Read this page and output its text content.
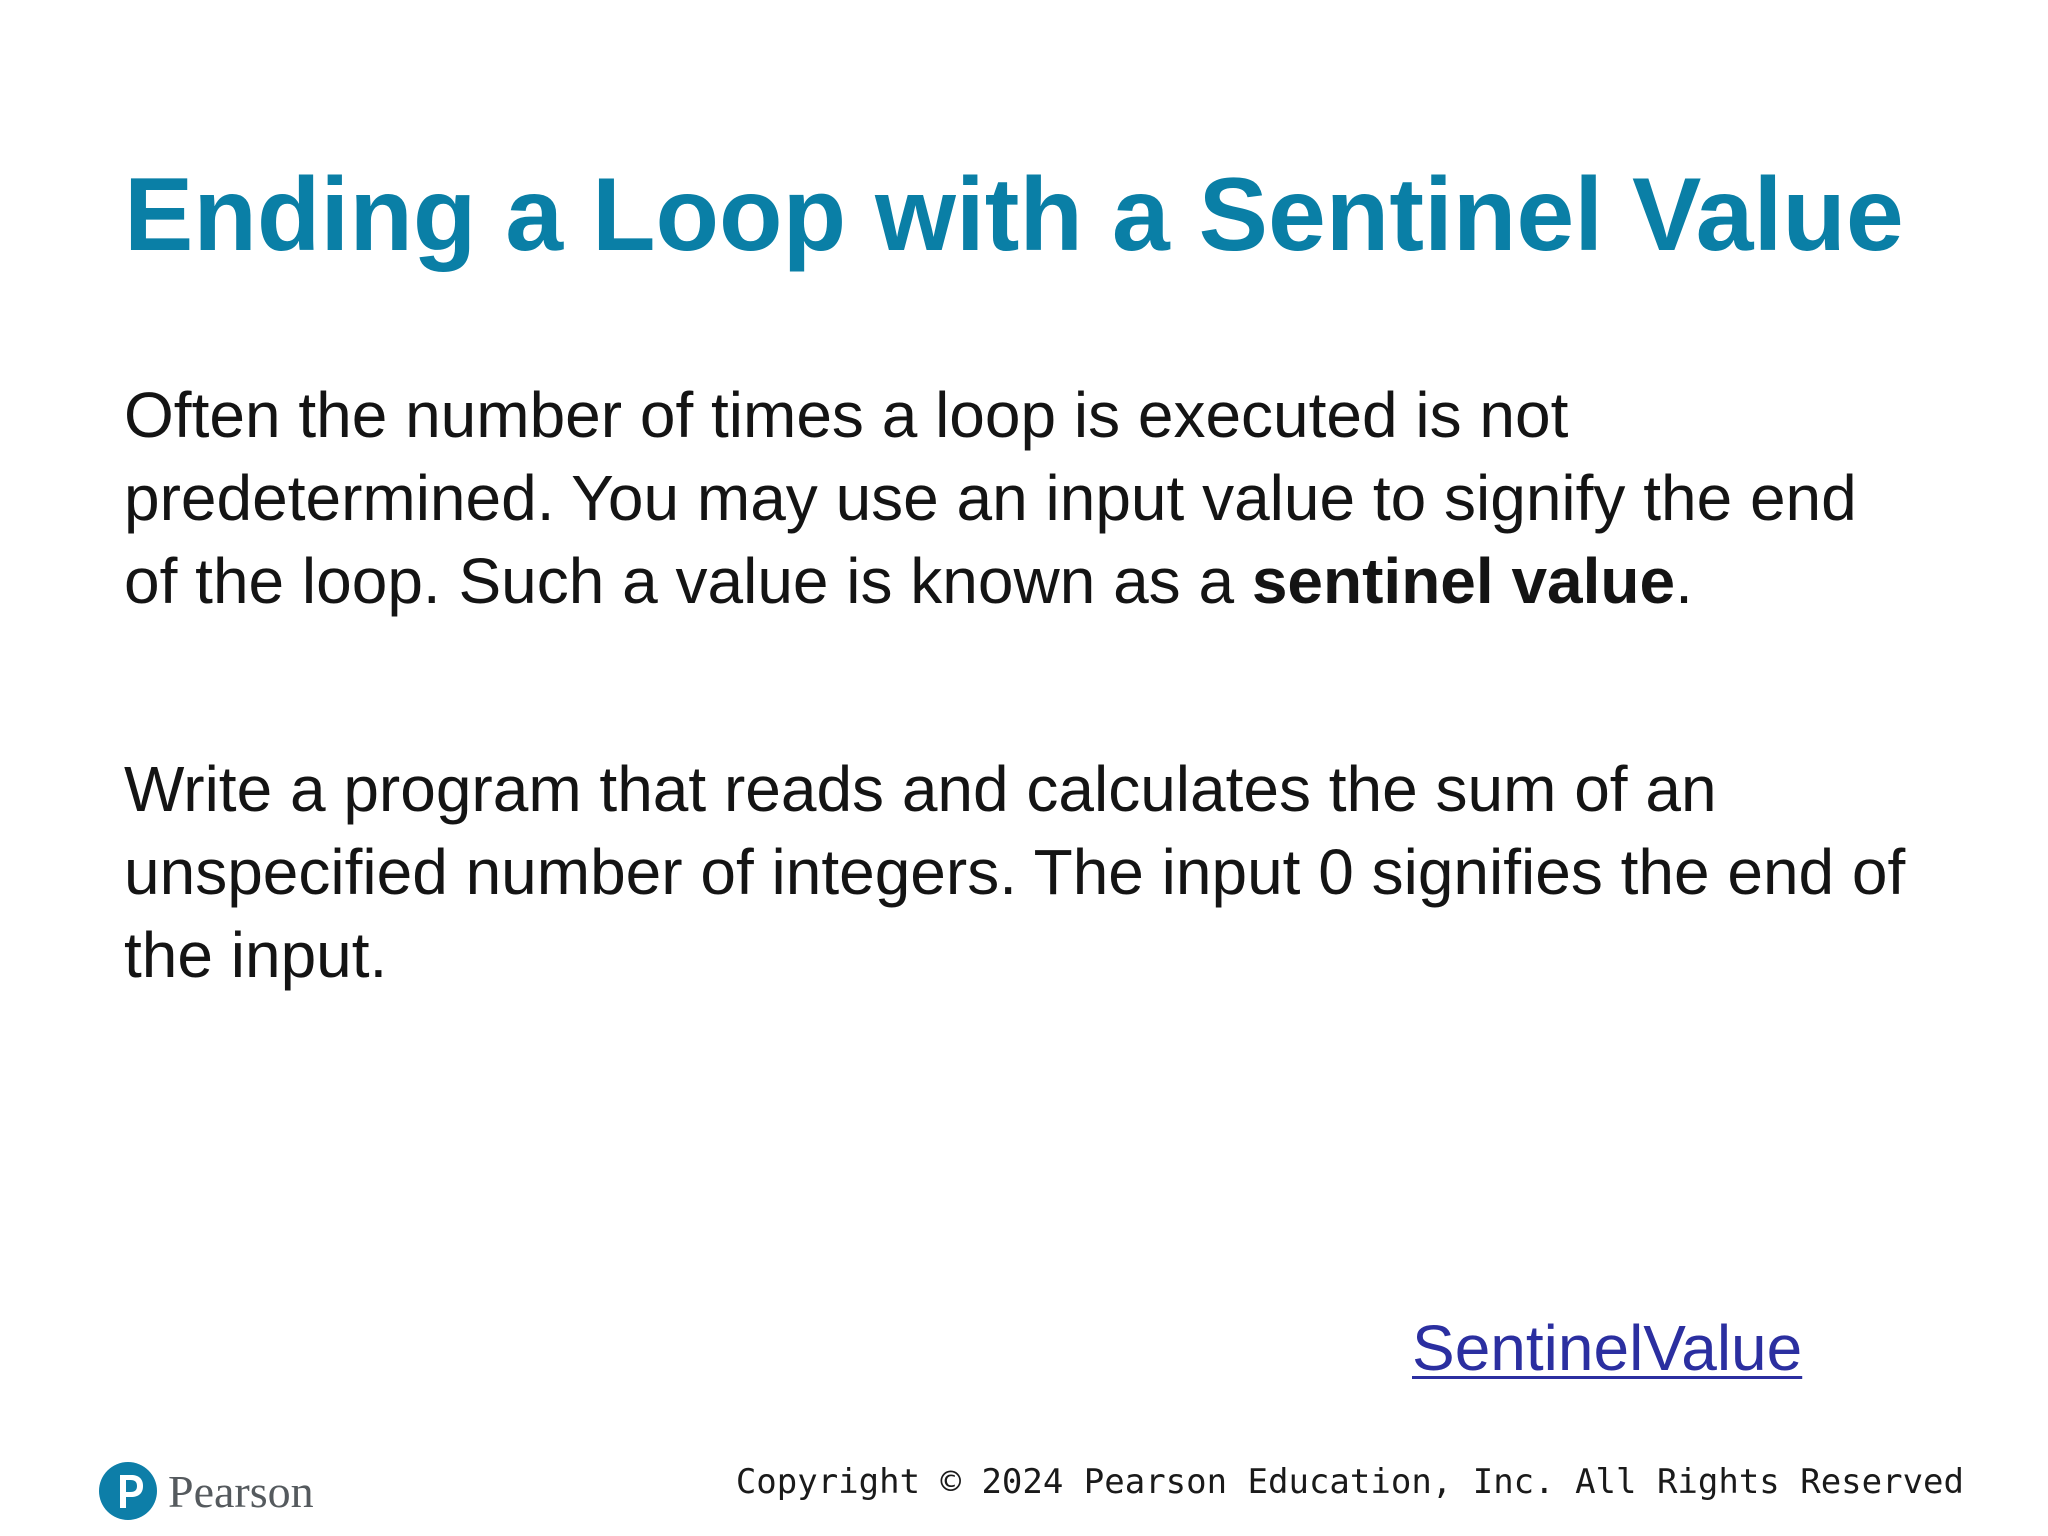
Ending a Loop with a Sentinel Value

Often the number of times a loop is executed is not predetermined. You may use an input value to signify the end of the loop. Such a value is known as a sentinel value.

Write a program that reads and calculates the sum of an unspecified number of integers. The input 0 signifies the end of the input.

SentinelValue
Pearson	Copyright © 2024 Pearson Education, Inc. All Rights Reserved
